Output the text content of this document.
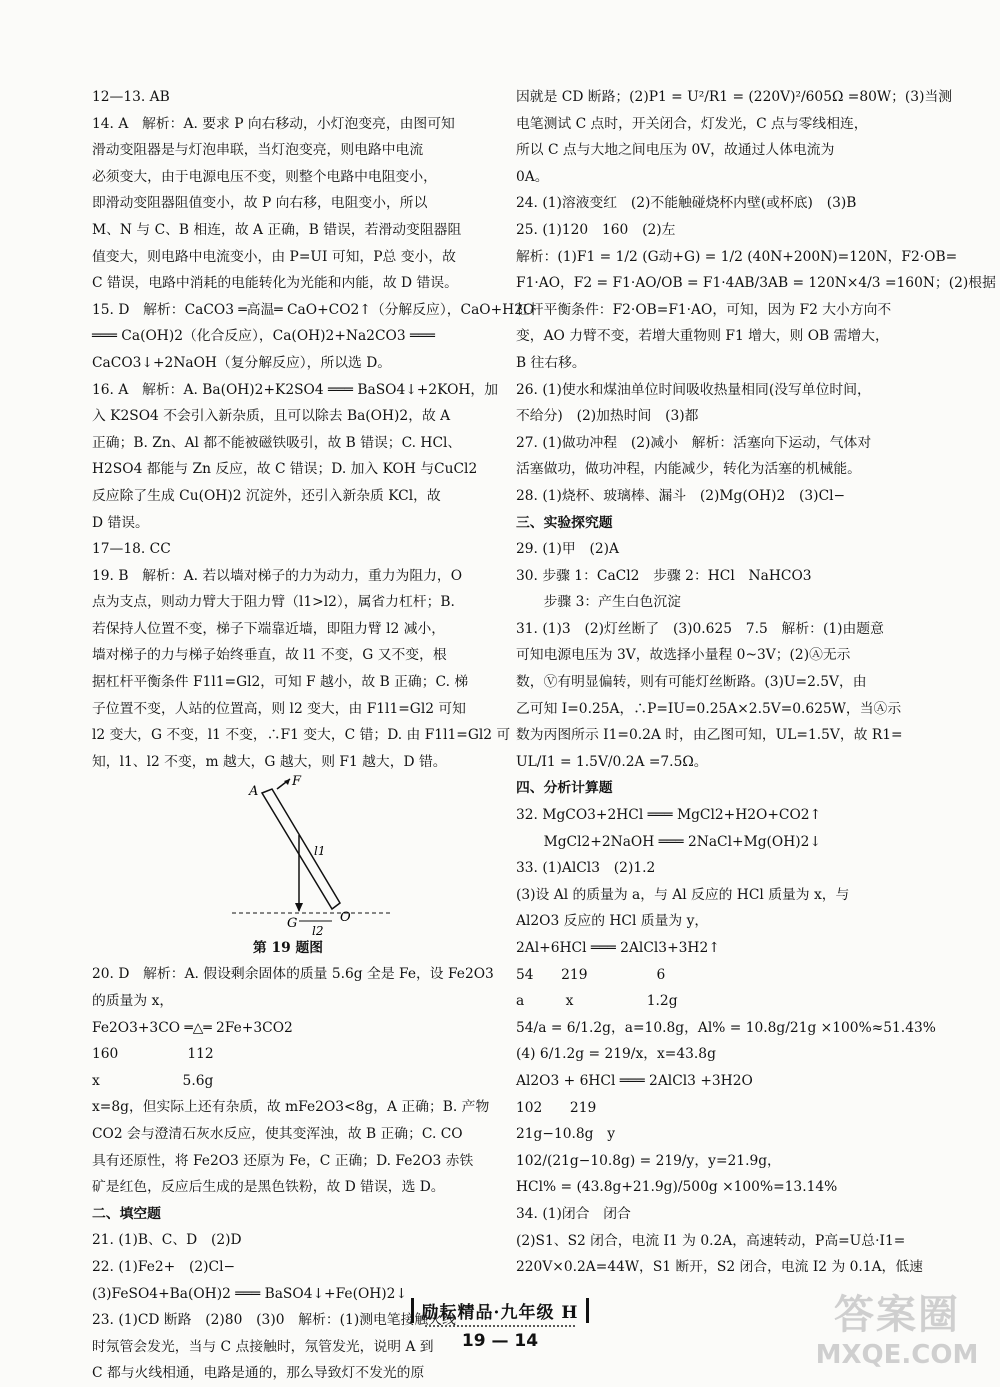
12—13. AB
14. A　解析：A. 要求 P 向右移动，小灯泡变亮，由图可知
滑动变阻器是与灯泡串联，当灯泡变亮，则电路中电流
必须变大，由于电源电压不变，则整个电路中电阻变小，
即滑动变阻器阻值变小，故 P 向右移，电阻变小，所以
M、N 与 C、B 相连，故 A 正确，B 错误，若滑动变阻器阻
值变大，则电路中电流变小，由 P=UI 可知，P总 变小，故
C 错误，电路中消耗的电能转化为光能和内能，故 D 错误。
15. D　解析：CaCO3 ═高温═ CaO+CO2↑（分解反应），CaO+H2O
═══ Ca(OH)2（化合反应），Ca(OH)2+Na2CO3 ═══
CaCO3↓+2NaOH（复分解反应），所以选 D。
16. A　解析：A. Ba(OH)2+K2SO4 ═══ BaSO4↓+2KOH，加
入 K2SO4 不会引入新杂质，且可以除去 Ba(OH)2，故 A
正确；B. Zn、Al 都不能被磁铁吸引，故 B 错误；C. HCl、
H2SO4 都能与 Zn 反应，故 C 错误；D. 加入 KOH 与CuCl2
反应除了生成 Cu(OH)2 沉淀外，还引入新杂质 KCl，故
D 错误。
17—18. CC
19. B　解析：A. 若以墙对梯子的力为动力，重力为阻力，O
点为支点，则动力臂大于阻力臂（l1>l2），属省力杠杆；B.
若保持人位置不变，梯子下端靠近墙，即阻力臂 l2 减小，
墙对梯子的力与梯子始终垂直，故 l1 不变，G 又不变，根
据杠杆平衡条件 F1l1=Gl2，可知 F 越小，故 B 正确；C. 梯
子位置不变，人站的位置高，则 l2 变大，由 F1l1=Gl2 可知
l2 变大，G 不变，l1 不变，∴F1 变大，C 错；D. 由 F1l1=Gl2 可
知，l1、l2 不变，m 越大，G 越大，则 F1 越大，D 错。
A
F
l1
G	O
l2
第 19 题图
20. D　解析：A. 假设剩余固体的质量 5.6g 全是 Fe，设 Fe2O3
的质量为 x，
Fe2O3+3CO ═△═ 2Fe+3CO2
160　　　　　112
x　　　　　　5.6g
x=8g，但实际上还有杂质，故 mFe2O3<8g，A 正确；B. 产物
CO2 会与澄清石灰水反应，使其变浑浊，故 B 正确；C. CO
具有还原性，将 Fe2O3 还原为 Fe，C 正确；D. Fe2O3 赤铁
矿是红色，反应后生成的是黑色铁粉，故 D 错误，选 D。
二、填空题
21. (1)B、C、D　(2)D
22. (1)Fe2+　(2)Cl−
(3)FeSO4+Ba(OH)2 ═══ BaSO4↓+Fe(OH)2↓
23. (1)CD 断路　(2)80　(3)0　解析：(1)测电笔接触火线
时氖管会发光，当与 C 点接触时，氖管发光，说明 A 到
C 都与火线相通，电路是通的，那么导致灯不发光的原
因就是 CD 断路；(2)P1 = U²/R1 = (220V)²/605Ω =80W；(3)当测
电笔测试 C 点时，开关闭合，灯发光，C 点与零线相连，
所以 C 点与大地之间电压为 0V，故通过人体电流为
0A。
24. (1)溶液变红　(2)不能触碰烧杯内壁(或杯底)　(3)B
25. (1)120　160　(2)左
解析：(1)F1 = 1/2 (G动+G) = 1/2 (40N+200N)=120N，F2·OB=
F1·AO，F2 = F1·AO/OB = F1·4AB/3AB = 120N×4/3 =160N；(2)根据
杠杆平衡条件：F2·OB=F1·AO，可知，因为 F2 大小方向不
变，AO 力臂不变，若增大重物则 F1 增大，则 OB 需增大，
B 往右移。
26. (1)使水和煤油单位时间吸收热量相同(没写单位时间，
不给分)　(2)加热时间　(3)都
27. (1)做功冲程　(2)减小　解析：活塞向下运动，气体对
活塞做功，做功冲程，内能减少，转化为活塞的机械能。
28. (1)烧杯、玻璃棒、漏斗　(2)Mg(OH)2　(3)Cl−
三、实验探究题
29. (1)甲　(2)A
30. 步骤 1：CaCl2　步骤 2：HCl　NaHCO3
　　步骤 3：产生白色沉淀
31. (1)3　(2)灯丝断了　(3)0.625　7.5　解析：(1)由题意
可知电源电压为 3V，故选择小量程 0~3V；(2)Ⓐ无示
数，Ⓥ有明显偏转，则有可能灯丝断路。(3)U=2.5V，由
乙可知 I=0.25A，∴P=IU=0.25A×2.5V=0.625W，当Ⓐ示
数为丙图所示 I1=0.2A 时，由乙图可知，UL=1.5V，故 R1=
UL/I1 = 1.5V/0.2A =7.5Ω。
四、分析计算题
32. MgCO3+2HCl ═══ MgCl2+H2O+CO2↑
　　MgCl2+2NaOH ═══ 2NaCl+Mg(OH)2↓
33. (1)AlCl3　(2)1.2
(3)设 Al 的质量为 a，与 Al 反应的 HCl 质量为 x，与
Al2O3 反应的 HCl 质量为 y，
2Al+6HCl ═══ 2AlCl3+3H2↑
54　　219　　　　　6
a　　　x　　　　　 1.2g
54/a = 6/1.2g，a=10.8g，Al% = 10.8g/21g ×100%≈51.43%
(4) 6/1.2g = 219/x，x=43.8g
Al2O3 + 6HCl ═══ 2AlCl3 +3H2O
102　　219
21g−10.8g　y
102/(21g−10.8g) = 219/y，y=21.9g，
HCl% = (43.8g+21.9g)/500g ×100%=13.14%
34. (1)闭合　闭合
(2)S1、S2 闭合，电流 I1 为 0.2A，高速转动，P高=U总·I1=
220V×0.2A=44W，S1 断开，S2 闭合，电流 I2 为 0.1A，低速
励耘精品·九年级 H
19 — 14
答案圈
MXQE.COM
